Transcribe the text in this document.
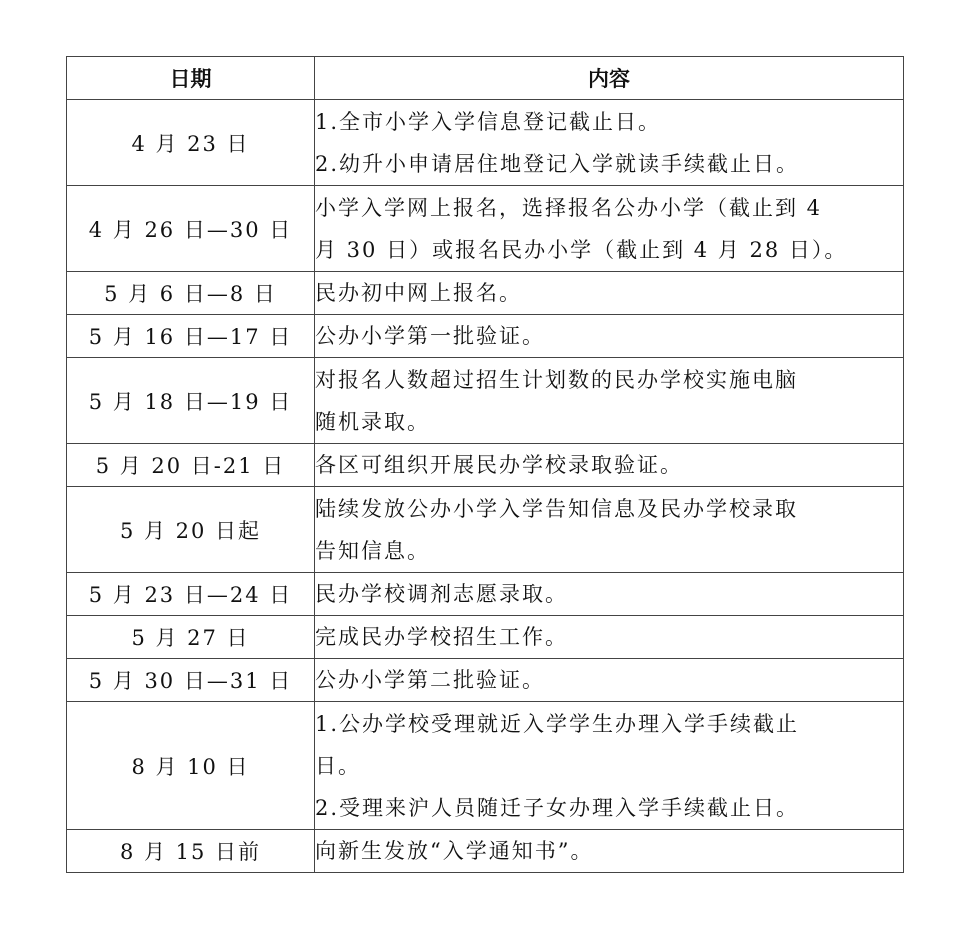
日期	内容
4 月 23 日	1.全市小学入学信息登记截止日。
2.幼升小申请居住地登记入学就读手续截止日。

4 月 26 日—30 日	小学入学网上报名，选择报名公办小学（截止到 4
月 30 日）或报名民办小学（截止到 4 月 28 日）。

5 月 6 日—8 日	民办初中网上报名。

5 月 16 日—17 日	公办小学第一批验证。

5 月 18 日—19 日	对报名人数超过招生计划数的民办学校实施电脑
随机录取。

5 月 20 日-21 日	各区可组织开展民办学校录取验证。

5 月 20 日起	陆续发放公办小学入学告知信息及民办学校录取
告知信息。

5 月 23 日—24 日	民办学校调剂志愿录取。

5 月 27 日	完成民办学校招生工作。

5 月 30 日—31 日	公办小学第二批验证。

8 月 10 日	1.公办学校受理就近入学学生办理入学手续截止
日。
2.受理来沪人员随迁子女办理入学手续截止日。

8 月 15 日前	向新生发放“入学通知书”。
